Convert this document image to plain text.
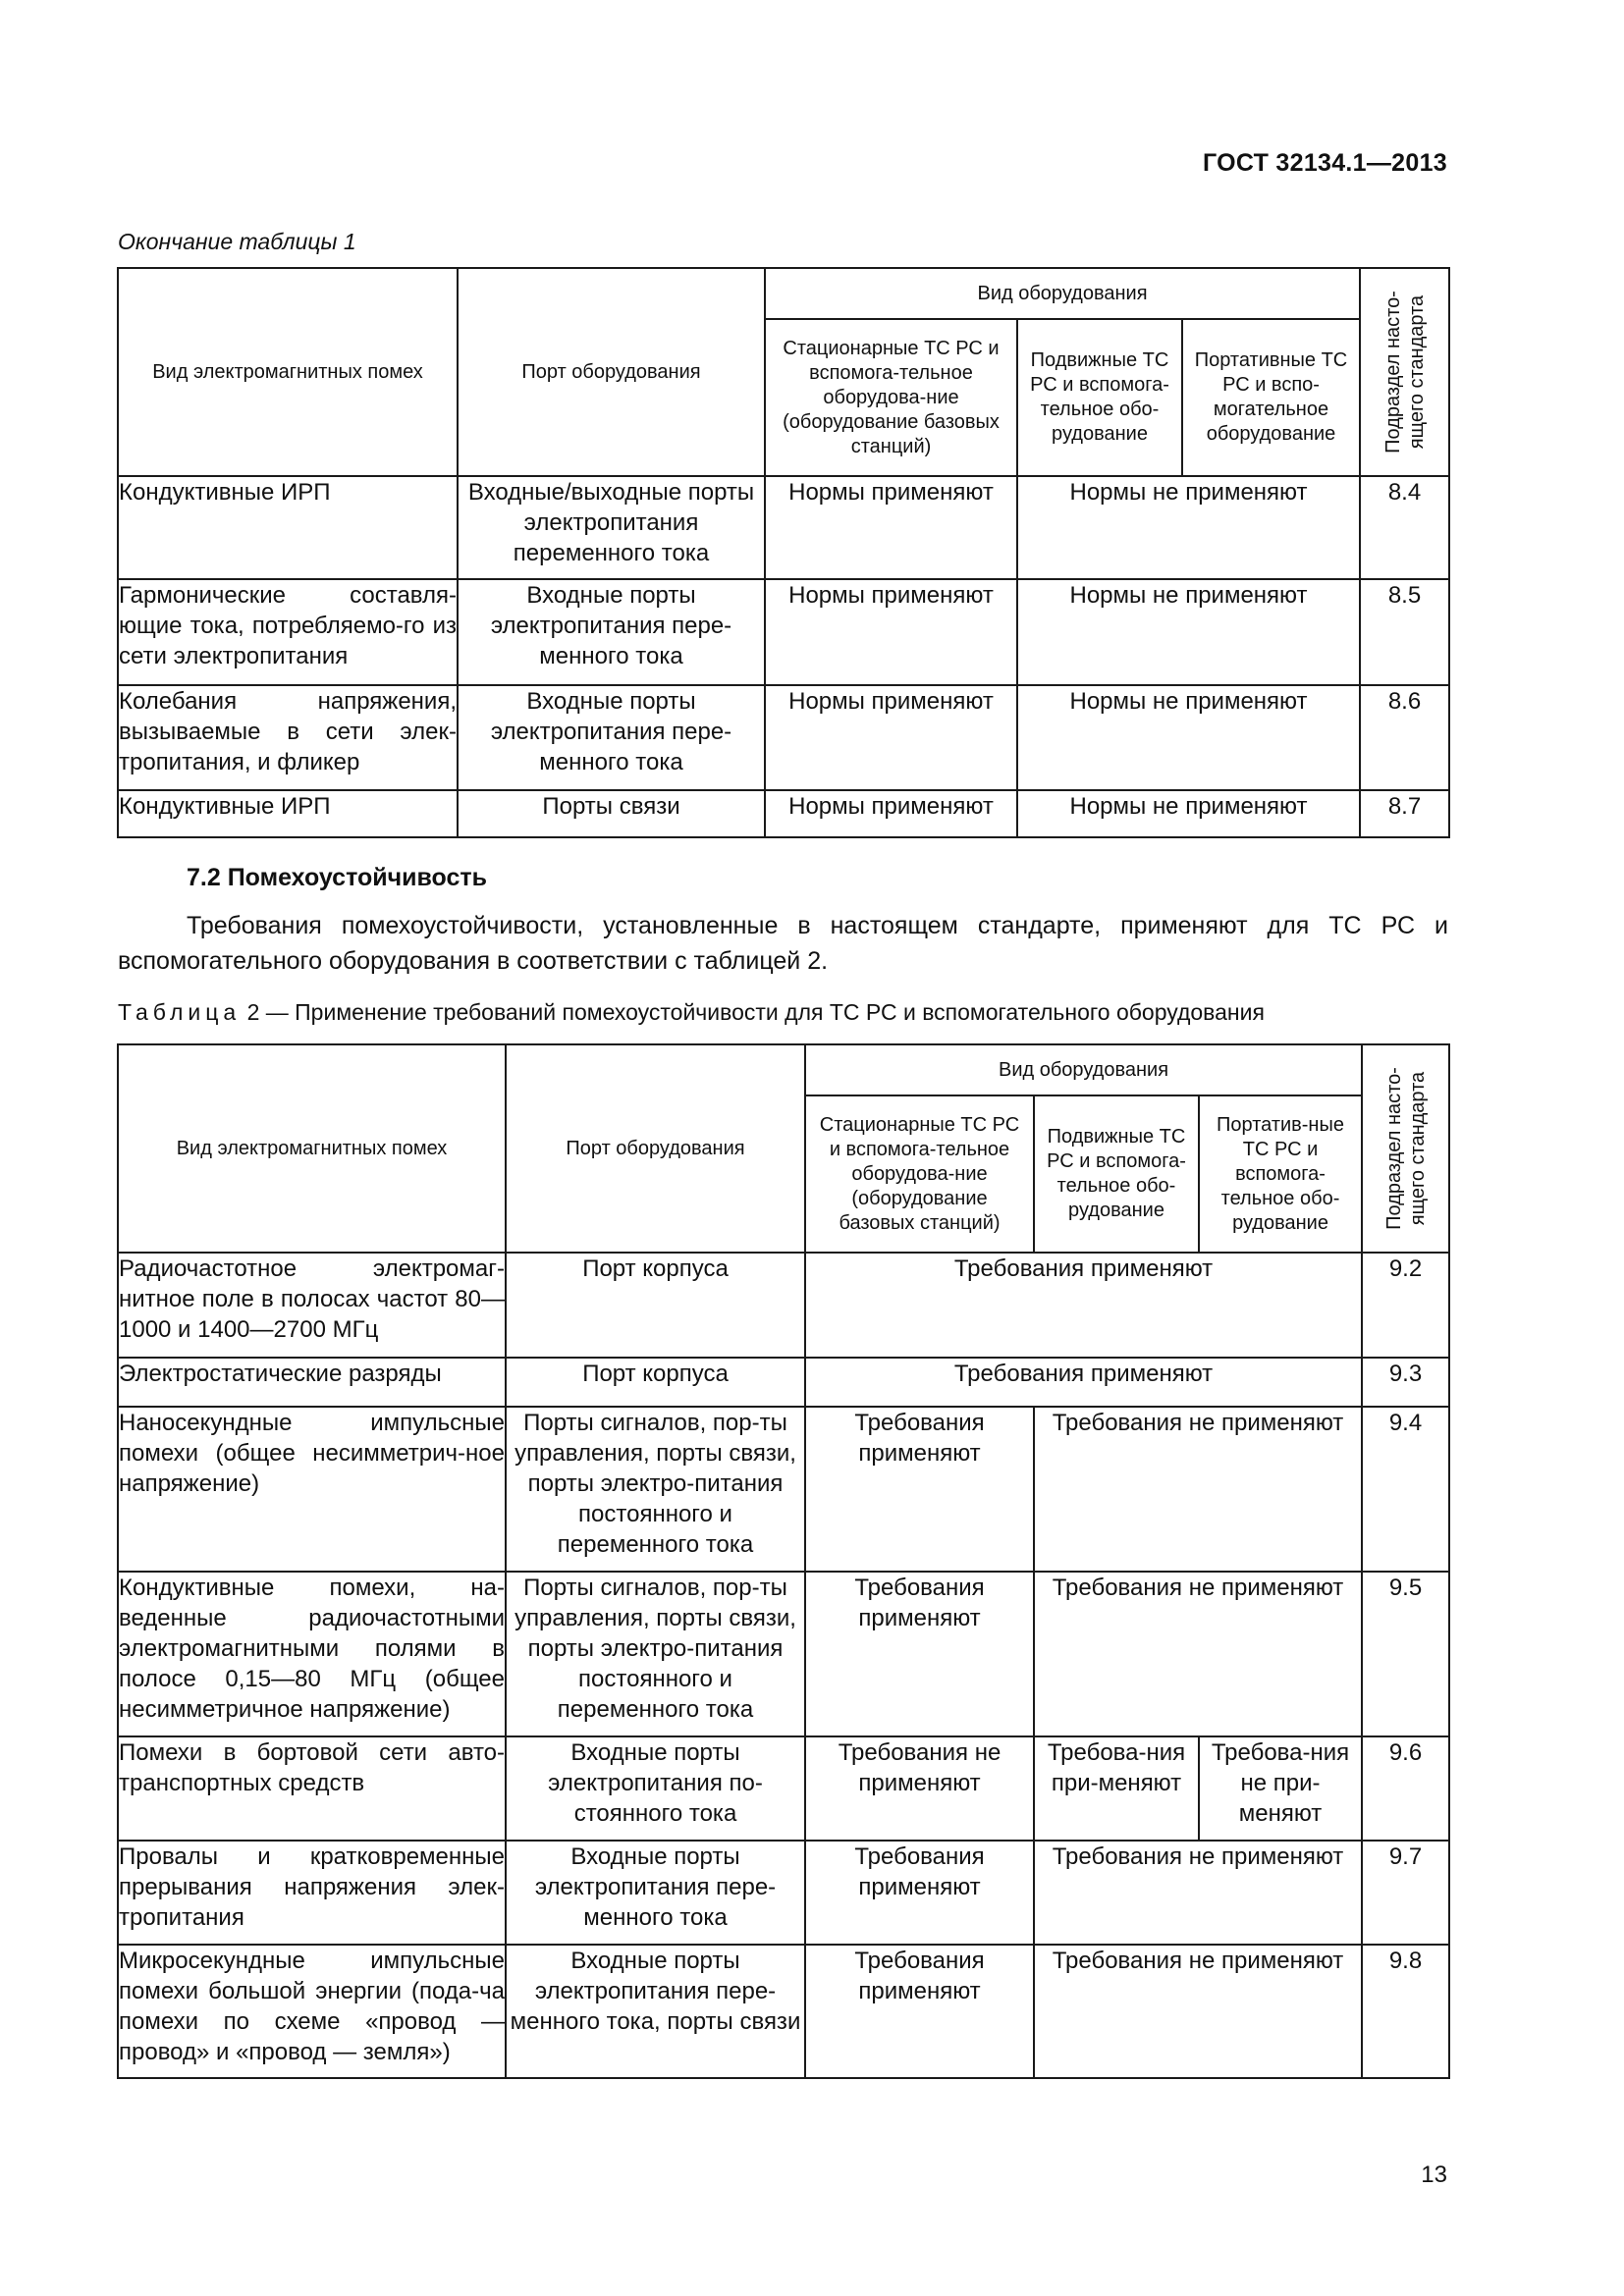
ГОСТ 32134.1—2013
Окончание таблицы 1
Вид электромагнитных помех	Порт оборудования	Вид оборудования			Подраздел насто-ящего стандарта

		Стационарные ТС РС и вспомога-тельное оборудова-ние (оборудование базовых станций)	Подвижные ТС РС и вспомога-тельное обо-рудование	Портативные ТС РС и вспо-могательное оборудование	
Кондуктивные ИРП	Входные/выходные порты электропитания переменного тока	Нормы применяют	Нормы не применяют		8.4
Гармонические составля-ющие тока, потребляемо-го из сети электропитания	Входные порты электропитания пере-менного тока	Нормы применяют	Нормы не применяют		8.5
Колебания напряжения, вызываемые в сети элек-тропитания, и фликер	Входные порты электропитания пере-менного тока	Нормы применяют	Нормы не применяют		8.6
Кондуктивные ИРП	Порты связи	Нормы применяют	Нормы не применяют		8.7
7.2 Помехоустойчивость
Требования помехоустойчивости, установленные в настоящем стандарте, применяют для ТС РС и вспомогательного оборудования в соответствии с таблицей 2.
Таблица 2 — Применение требований помехоустойчивости для ТС РС и вспомогательного оборудования
Вид электромагнитных помех	Порт оборудования	Вид оборудования			Подраздел насто-ящего стандарта

		Стационарные ТС РС и вспомога-тельное оборудова-ние (оборудование базовых станций)	Подвижные ТС РС и вспомога-тельное обо-рудование	Портатив-ные ТС РС и вспомога-тельное обо-рудование	
Радиочастотное электромаг-нитное поле в полосах частот 80—1000 и 1400—2700 МГц	Порт корпуса	Требования применяют			9.2
Электростатические разряды	Порт корпуса	Требования применяют			9.3
Наносекундные импульсные помехи (общее несимметрич-ное напряжение)	Порты сигналов, пор-ты управления, порты связи, порты электро-питания постоянного и переменного тока	Требования применяют	Требования не применяют		9.4
Кондуктивные помехи, на-веденные радиочастотными электромагнитными полями в полосе 0,15—80 МГц (общее несимметричное напряжение)	Порты сигналов, пор-ты управления, порты связи, порты электро-питания постоянного и переменного тока	Требования применяют	Требования не применяют		9.5
Помехи в бортовой сети авто-транспортных средств	Входные порты электропитания по-стоянного тока	Требования не применяют	Требова-ния при-меняют	Требова-ния не при-меняют	9.6
Провалы и кратковременные прерывания напряжения элек-тропитания	Входные порты электропитания пере-менного тока	Требования применяют	Требования не применяют		9.7
Микросекундные импульсные помехи большой энергии (пода-ча помехи по схеме «провод — провод» и «провод — земля»)	Входные порты электропитания пере-менного тока, порты связи	Требования применяют	Требования не применяют		9.8
13
